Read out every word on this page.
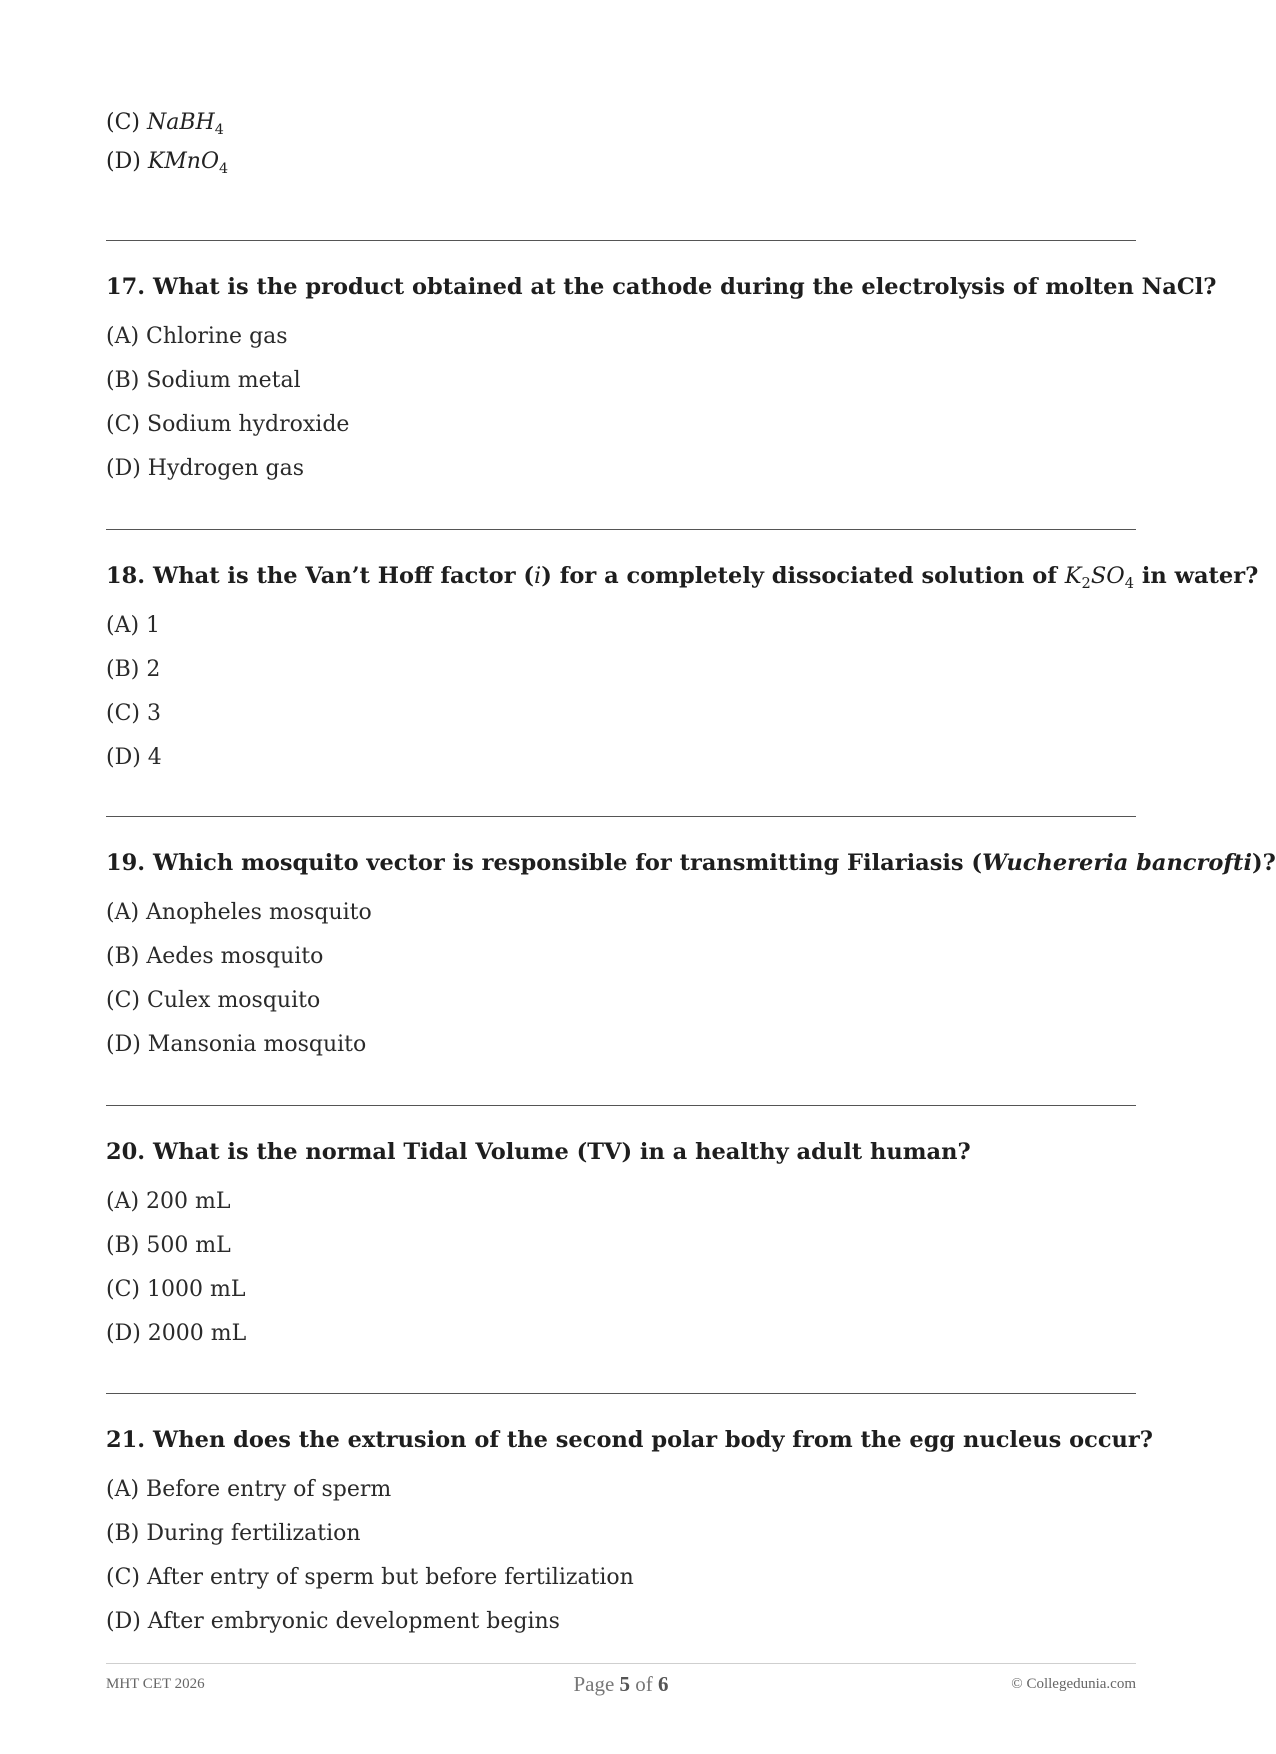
(C) NaBH$_4$
(D) KMnO$_4$
17. What is the product obtained at the cathode during the electrolysis of molten NaCl?
(A) Chlorine gas
(B) Sodium metal
(C) Sodium hydroxide
(D) Hydrogen gas
18. What is the Van’t Hoff factor (i) for a completely dissociated solution of $K_2SO_4$ in water?
(A) 1
(B) 2
(C) 3
(D) 4
19. Which mosquito vector is responsible for transmitting Filariasis (Wuchereria bancrofti)?
(A) Anopheles mosquito
(B) Aedes mosquito
(C) Culex mosquito
(D) Mansonia mosquito
20. What is the normal Tidal Volume (TV) in a healthy adult human?
(A) 200 mL
(B) 500 mL
(C) 1000 mL
(D) 2000 mL
21. When does the extrusion of the second polar body from the egg nucleus occur?
(A) Before entry of sperm
(B) During fertilization
(C) After entry of sperm but before fertilization
(D) After embryonic development begins
MHT CET 2026	Page 5 of 6	© Collegedunia.com
